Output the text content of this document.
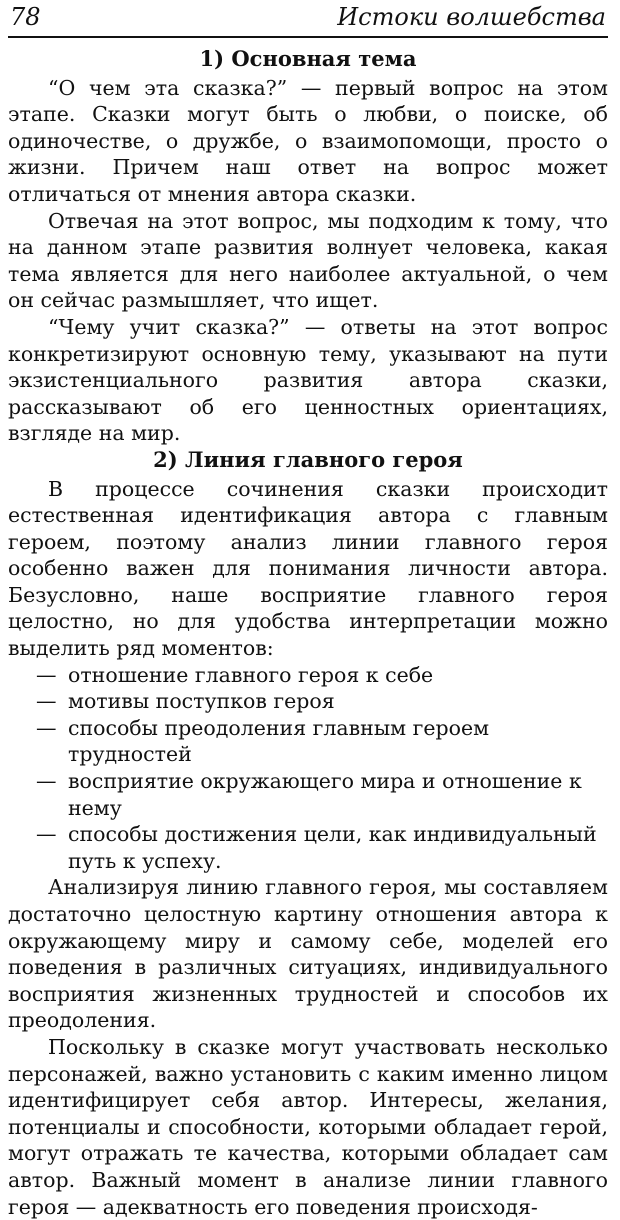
78	Истоки волшебства
1) Основная тема

“О чем эта сказка?” — первый вопрос на этом этапе. Сказки могут быть о любви, о поиске, об одиночестве, о дружбе, о взаимопомощи, просто о жизни. Причем наш ответ на вопрос может отличаться от мнения автора сказки.

Отвечая на этот вопрос, мы подходим к тому, что на данном этапе развития волнует человека, какая тема является для него наиболее актуальной, о чем он сейчас размышляет, что ищет.

“Чему учит сказка?” — ответы на этот вопрос конкретизируют основную тему, указывают на пути экзистенциального развития автора сказки, рассказывают об его ценностных ориентациях, взгляде на мир.

2) Линия главного героя

В процессе сочинения сказки происходит естественная идентификация автора с главным героем, поэтому анализ линии главного героя особенно важен для понимания личности автора. Безусловно, наше восприятие главного героя целостно, но для удобства интерпретации можно выделить ряд моментов:

— отношение главного героя к себе
— мотивы поступков героя
— способы преодоления главным героем трудностей
— восприятие окружающего мира и отношение к нему
— способы достижения цели, как индивидуальный путь к успеху.

Анализируя линию главного героя, мы составляем достаточно целостную картину отношения автора к окружающему миру и самому себе, моделей его поведения в различных ситуациях, индивидуального восприятия жизненных трудностей и способов их преодоления.

Поскольку в сказке могут участвовать несколько персонажей, важно установить с каким именно лицом идентифицирует себя автор. Интересы, желания, потенциалы и способности, которыми обладает герой, могут отражать те качества, которыми обладает сам автор. Важный момент в анализе линии главного героя — адекватность его поведения происходя-
